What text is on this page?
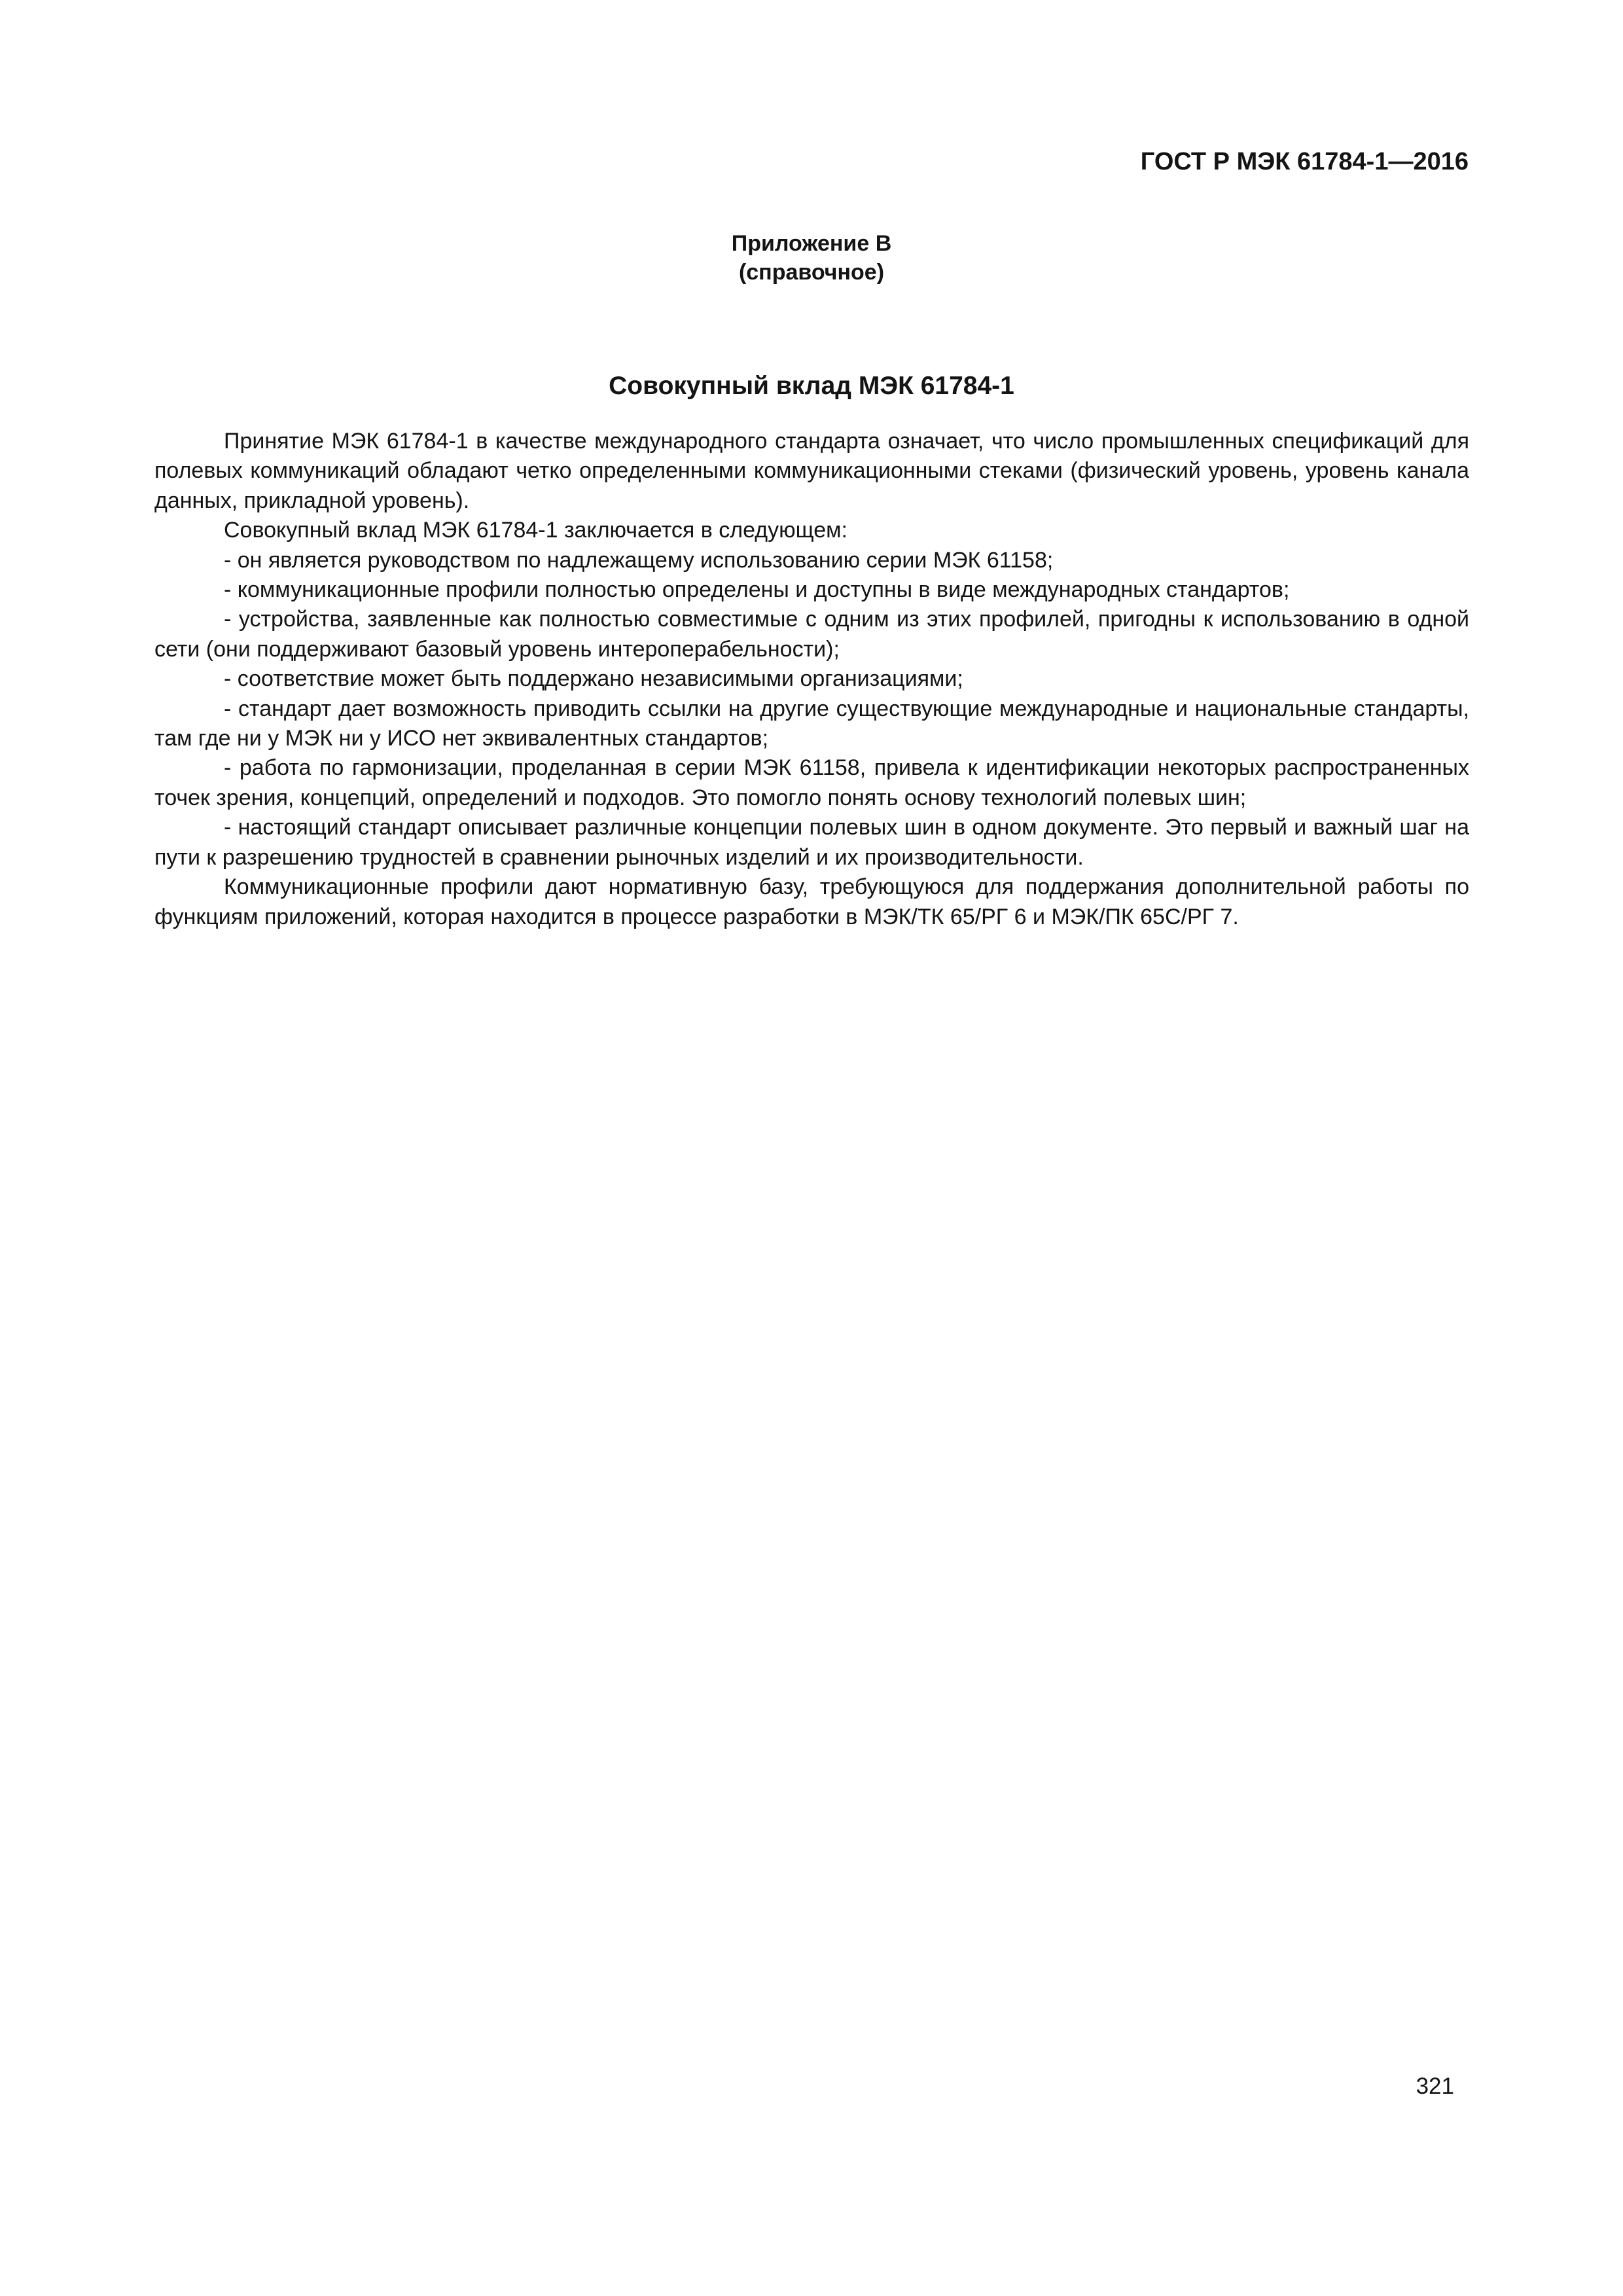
ГОСТ Р МЭК 61784-1—2016
Приложение В
(справочное)
Совокупный вклад МЭК 61784-1

Принятие МЭК 61784-1 в качестве международного стандарта означает, что число промышленных спецификаций для полевых коммуникаций обладают четко определенными коммуникационными стеками (физический уровень, уровень канала данных, прикладной уровень).

Совокупный вклад МЭК 61784-1 заключается в следующем:

- он является руководством по надлежащему использованию серии МЭК 61158;

- коммуникационные профили полностью определены и доступны в виде международных стандартов;

- устройства, заявленные как полностью совместимые с одним из этих профилей, пригодны к использованию в одной сети (они поддерживают базовый уровень интероперабельности);

- соответствие может быть поддержано независимыми организациями;

- стандарт дает возможность приводить ссылки на другие существующие международные и национальные стандарты, там где ни у МЭК ни у ИСО нет эквивалентных стандартов;

- работа по гармонизации, проделанная в серии МЭК 61158, привела к идентификации некоторых распространенных точек зрения, концепций, определений и подходов. Это помогло понять основу технологий полевых шин;

- настоящий стандарт описывает различные концепции полевых шин в одном документе. Это первый и важный шаг на пути к разрешению трудностей в сравнении рыночных изделий и их производительности.

Коммуникационные профили дают нормативную базу, требующуюся для поддержания дополнительной работы по функциям приложений, которая находится в процессе разработки в МЭК/ТК 65/РГ 6 и МЭК/ПК 65С/РГ 7.

321
